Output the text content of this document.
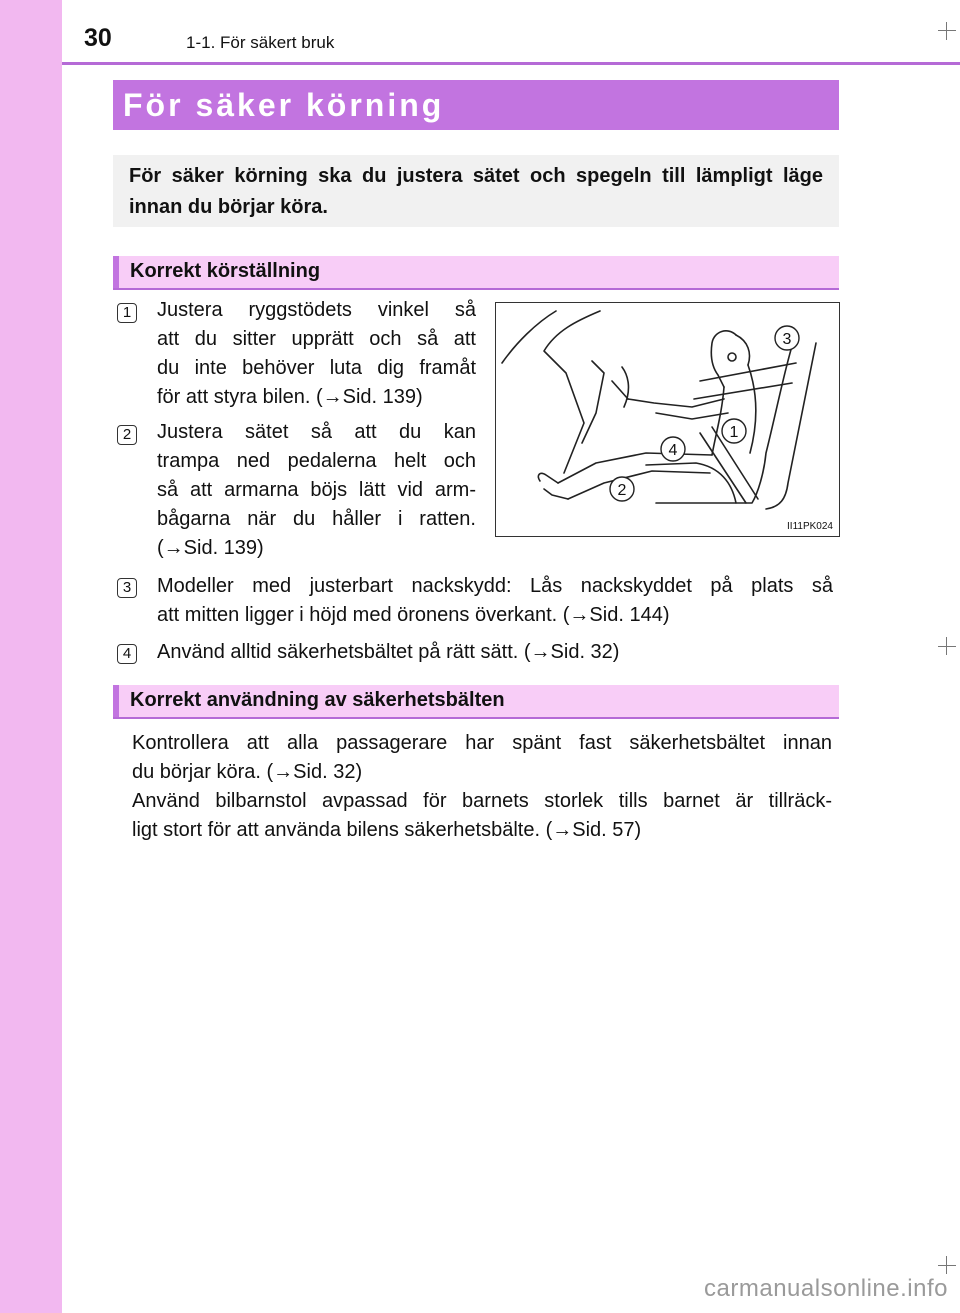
30	1-1. För säkert bruk
För säker körning

För säker körning ska du justera sätet och spegeln till lämpligt läge innan du börjar köra.

Korrekt körställning
1 Justera ryggstödets vinkel så
att du sitter upprätt och så att
du inte behöver luta dig framåt
för att styra bilen. (→Sid. 139)
2 Justera sätet så att du kan
trampa ned pedalerna helt och
så att armarna böjs lätt vid arm-
bågarna när du håller i ratten.
(→Sid. 139)
1
2
3
4
II11PK024
3 Modeller med justerbart nackskydd: Lås nackskyddet på plats så
att mitten ligger i höjd med öronens överkant. (→Sid. 144)
4 Använd alltid säkerhetsbältet på rätt sätt. (→Sid. 32)
Korrekt användning av säkerhetsbälten
Kontrollera att alla passagerare har spänt fast säkerhetsbältet innan
du börjar köra. (→Sid. 32)
Använd bilbarnstol avpassad för barnets storlek tills barnet är tillräck-
ligt stort för att använda bilens säkerhetsbälte. (→Sid. 57)
carmanualsonline.info
